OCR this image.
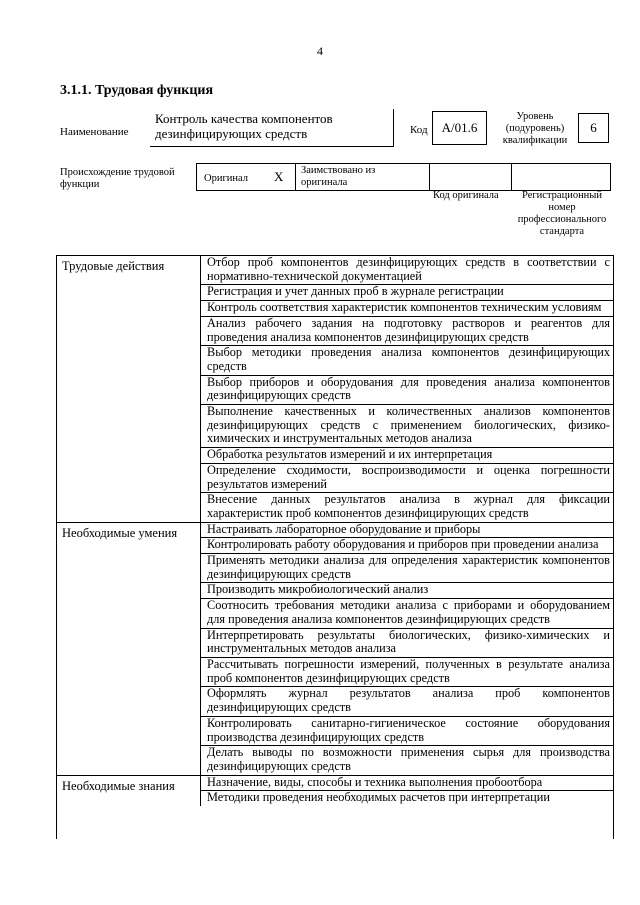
4
3.1.1. Трудовая функция
Наименование
Контроль качества компонентов дезинфицирующих средств	Код A/01.6
Уровень (подуровень) квалификации
6
Происхождение трудовой функции
Оригинал X Заимствовано из оригинала
Код оригинала	Регистрационный номер профессионального стандарта
Трудовые действия	Отбор проб компонентов дезинфицирующих средств в соответствии с нормативно-технической документацией
Регистрация и учет данных проб в журнале регистрации
Контроль соответствия характеристик компонентов техническим условиям
Анализ рабочего задания на подготовку растворов и реагентов для проведения анализа компонентов дезинфицирующих средств
Выбор методики проведения анализа компонентов дезинфицирующих средств
Выбор приборов и оборудования для проведения анализа компонентов дезинфицирующих средств
Выполнение качественных и количественных анализов компонентов дезинфицирующих средств с применением биологических, физико-химических и инструментальных методов анализа
Обработка результатов измерений и их интерпретация
Определение сходимости, воспроизводимости и оценка погрешности результатов измерений
Внесение данных результатов анализа в журнал для фиксации характеристик проб компонентов дезинфицирующих средств
Необходимые умения	Настраивать лабораторное оборудование и приборы
Контролировать работу оборудования и приборов при проведении анализа
Применять методики анализа для определения характеристик компонентов дезинфицирующих средств
Производить микробиологический анализ
Соотносить требования методики анализа с приборами и оборудованием для проведения анализа компонентов дезинфицирующих средств
Интерпретировать результаты биологических, физико-химических и инструментальных методов анализа
Рассчитывать погрешности измерений, полученных в результате анализа проб компонентов дезинфицирующих средств
Оформлять журнал результатов анализа проб компонентов дезинфицирующих средств
Контролировать санитарно-гигиеническое состояние оборудования производства дезинфицирующих средств
Делать выводы по возможности применения сырья для производства дезинфицирующих средств
Необходимые знания	Назначение, виды, способы и техника выполнения пробоотбора
Методики проведения необходимых расчетов при интерпретации
